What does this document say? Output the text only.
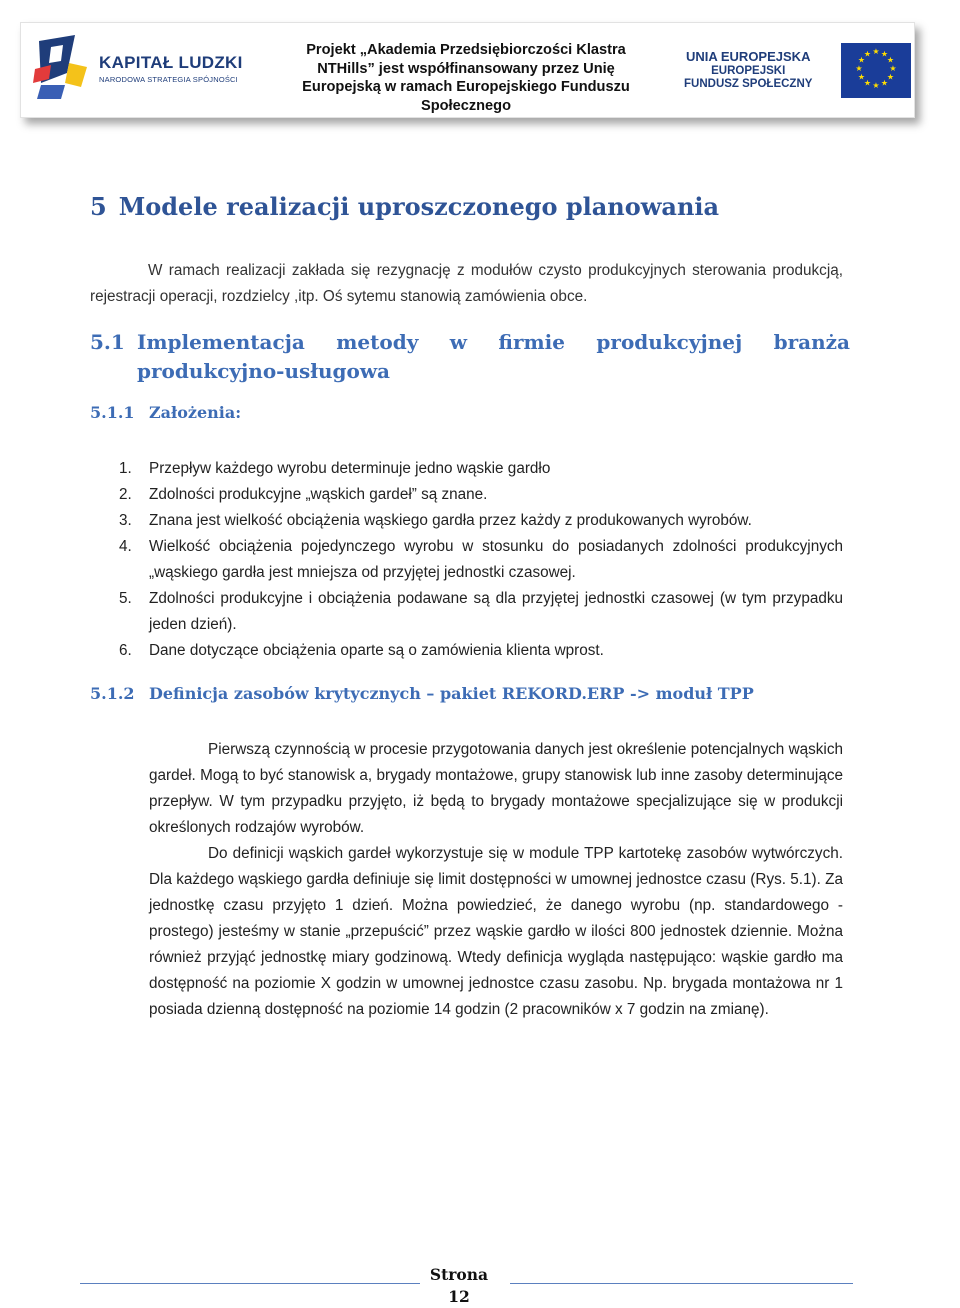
KAPITAŁ LUDZKI
NARODOWA STRATEGIA SPÓJNOŚCI
Projekt „Akademia Przedsiębiorczości Klastra
NTHills” jest współfinansowany przez Unię
Europejską w ramach Europejskiego Funduszu
Społecznego
UNIA EUROPEJSKA
EUROPEJSKI
FUNDUSZ SPOŁECZNY
★ ★
★
★
★
★
★
★
★
★
★
★
5 Modele realizacji uproszczonego planowania
W ramach realizacji zakłada się rezygnację z modułów czysto produkcyjnych sterowania produkcją, rejestracji operacji, rozdzielcy ,itp. Oś sytemu stanowią zamówienia obce.
5.1 Implementacja metody w firmie produkcyjnej branża produkcyjno-usługowa
5.1.1 Założenia:
1. Przepływ każdego wyrobu determinuje jedno wąskie gardło
2. Zdolności produkcyjne „wąskich gardeł” są znane.
3. Znana jest wielkość obciążenia wąskiego gardła przez każdy z produkowanych wyrobów.
4. Wielkość obciążenia pojedynczego wyrobu w stosunku do posiadanych zdolności produkcyjnych „wąskiego gardła jest mniejsza od przyjętej jednostki czasowej.
5. Zdolności produkcyjne i obciążenia podawane są dla przyjętej jednostki czasowej (w tym przypadku jeden dzień).
6. Dane dotyczące obciążenia oparte są o zamówienia klienta wprost.
5.1.2 Definicja zasobów krytycznych – pakiet REKORD.ERP -> moduł TPP

Pierwszą czynnością w procesie przygotowania danych jest określenie potencjalnych wąskich gardeł. Mogą to być stanowisk a, brygady montażowe, grupy stanowisk lub inne zasoby determinujące przepływ. W tym przypadku przyjęto, iż będą to brygady montażowe specjalizujące się w produkcji określonych rodzajów wyrobów.

Do definicji wąskich gardeł wykorzystuje się w module TPP kartotekę zasobów wytwórczych. Dla każdego wąskiego gardła definiuje się limit dostępności w umownej jednostce czasu (Rys. 5.1). Za jednostkę czasu przyjęto 1 dzień. Można powiedzieć, że danego wyrobu (np. standardowego - prostego) jesteśmy w stanie „przepuścić” przez wąskie gardło w ilości 800 jednostek dziennie. Można również przyjąć jednostkę miary godzinową. Wtedy definicja wygląda następująco: wąskie gardło ma dostępność na poziomie X godzin w umownej jednostce czasu zasobu. Np. brygada montażowa nr 1 posiada dzienną dostępność na poziomie 14 godzin (2 pracowników x 7 godzin na zmianę).

Strona
12
